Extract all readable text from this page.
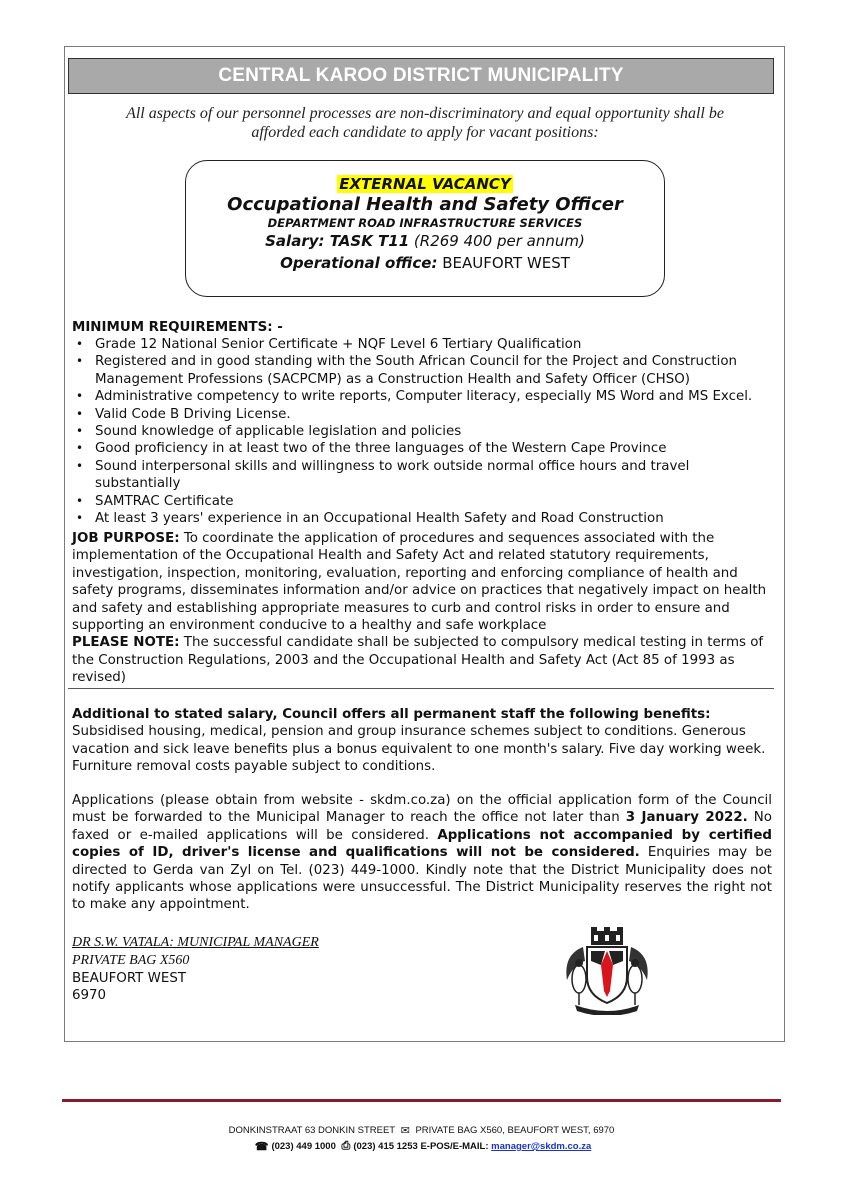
CENTRAL KAROO DISTRICT MUNICIPALITY
All aspects of our personnel processes are non-discriminatory and equal opportunity shall be
afforded each candidate to apply for vacant positions:
EXTERNAL VACANCY
Occupational Health and Safety Officer
DEPARTMENT ROAD INFRASTRUCTURE SERVICES
Salary: TASK T11 (R269 400 per annum)
Operational office: BEAUFORT WEST
MINIMUM REQUIREMENTS: -
• Grade 12 National Senior Certificate + NQF Level 6 Tertiary Qualification
• Registered and in good standing with the South African Council for the Project and Construction Management Professions (SACPCMP) as a Construction Health and Safety Officer (CHSO)
• Administrative competency to write reports, Computer literacy, especially MS Word and MS Excel.
• Valid Code B Driving License.
• Sound knowledge of applicable legislation and policies
• Good proficiency in at least two of the three languages of the Western Cape Province
• Sound interpersonal skills and willingness to work outside normal office hours and travel substantially
• SAMTRAC Certificate
• At least 3 years' experience in an Occupational Health Safety and Road Construction
JOB PURPOSE: To coordinate the application of procedures and sequences associated with the implementation of the Occupational Health and Safety Act and related statutory requirements, investigation, inspection, monitoring, evaluation, reporting and enforcing compliance of health and safety programs, disseminates information and/or advice on practices that negatively impact on health and safety and establishing appropriate measures to curb and control risks in order to ensure and supporting an environment conducive to a healthy and safe workplace
PLEASE NOTE: The successful candidate shall be subjected to compulsory medical testing in terms of the Construction Regulations, 2003 and the Occupational Health and Safety Act (Act 85 of 1993 as revised)
Additional to stated salary, Council offers all permanent staff the following benefits:
Subsidised housing, medical, pension and group insurance schemes subject to conditions. Generous vacation and sick leave benefits plus a bonus equivalent to one month's salary. Five day working week. Furniture removal costs payable subject to conditions.
Applications (please obtain from website - skdm.co.za) on the official application form of the Council must be forwarded to the Municipal Manager to reach the office not later than 3 January 2022. No faxed or e-mailed applications will be considered. Applications not accompanied by certified copies of ID, driver's license and qualifications will not be considered. Enquiries may be directed to Gerda van Zyl on Tel. (023) 449-1000. Kindly note that the District Municipality does not notify applicants whose applications were unsuccessful. The District Municipality reserves the right not to make any appointment.
DR S.W. VATALA: MUNICIPAL MANAGER
PRIVATE BAG X560
BEAUFORT WEST
6970
DONKINSTRAAT 63 DONKIN STREET ✉ PRIVATE BAG X560, BEAUFORT WEST, 6970
☎ (023) 449 1000 ⎙ (023) 415 1253 E-POS/E-MAIL: manager@skdm.co.za
